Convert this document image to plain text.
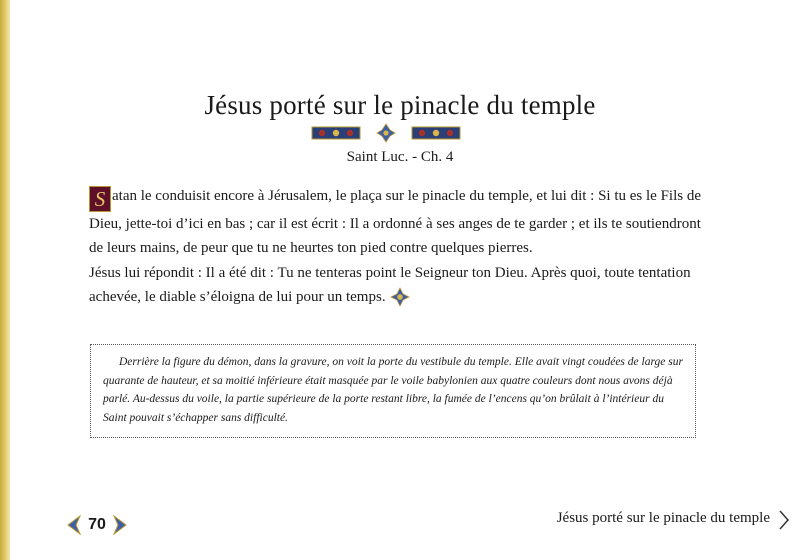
Jésus porté sur le pinacle du temple
Saint Luc. - Ch. 4

S atan le conduisit encore à Jérusalem, le plaça sur le pinacle du temple, et lui dit : Si tu es le Fils de Dieu, jette-toi d’ici en bas ; car il est écrit : Il a ordonné à ses anges de te garder ; et ils te soutiendront de leurs mains, de peur que tu ne heurtes ton pied contre quelques pierres.

Jésus lui répondit : Il a été dit : Tu ne tenteras point le Seigneur ton Dieu. Après quoi, toute tentation achevée, le diable s’éloigna de lui pour un temps.

Derrière la figure du démon, dans la gravure, on voit la porte du vestibule du temple. Elle avait vingt coudées de large sur quarante de hauteur, et sa moitié inférieure était masquée par le voile babylonien aux quatre couleurs dont nous avons déjà parlé. Au-dessus du voile, la partie supérieure de la porte restant libre, la fumée de l’encens qu’on brûlait à l’intérieur du Saint pouvait s’échapper sans difficulté.

70	Jésus porté sur le pinacle du temple
